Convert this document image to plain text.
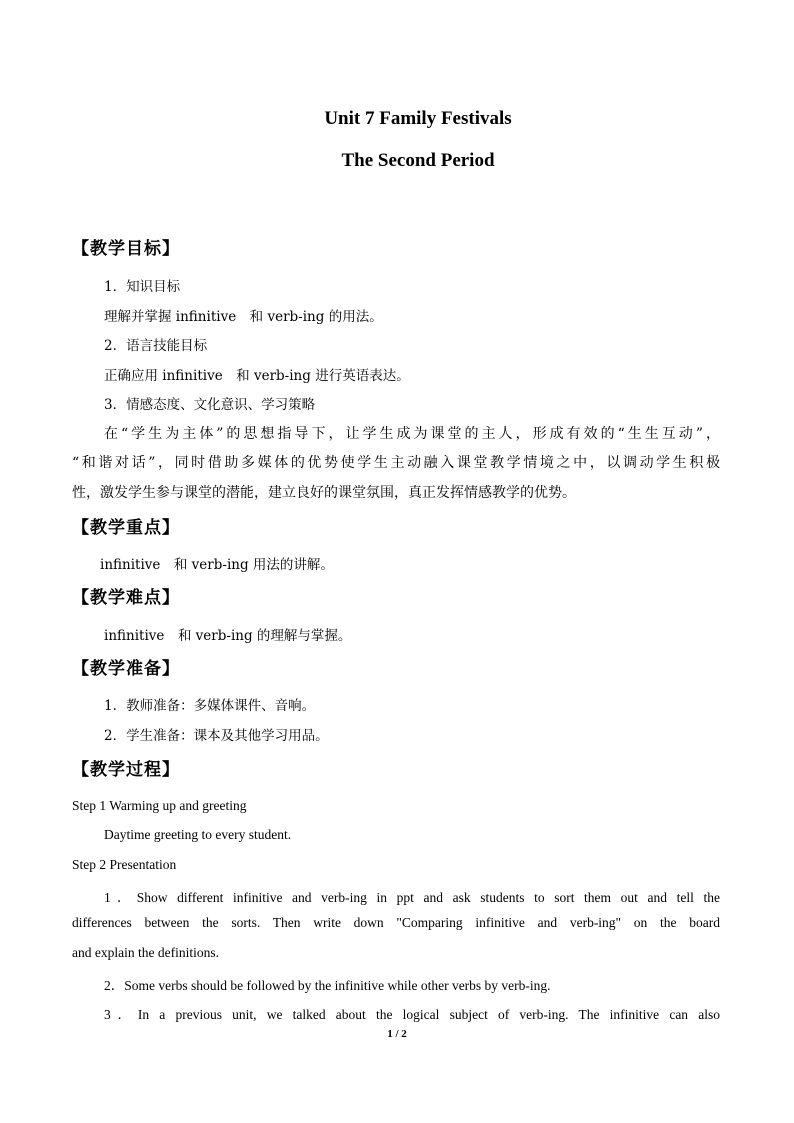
Unit 7 Family Festivals
The Second Period
【教学目标】
1．知识目标
理解并掌握 infinitive　和 verb-ing 的用法。
2．语言技能目标
正确应用 infinitive　和 verb-ing 进行英语表达。
3．情感态度、文化意识、学习策略
在“学生为主体”的思想指导下，让学生成为课堂的主人，形成有效的“生生互动”，
“和谐对话”，同时借助多媒体的优势使学生主动融入课堂教学情境之中，以调动学生积极
性，激发学生参与课堂的潜能，建立良好的课堂氛围，真正发挥情感教学的优势。
【教学重点】
infinitive　和 verb-ing 用法的讲解。
【教学难点】
infinitive　和 verb-ing 的理解与掌握。
【教学准备】
1．教师准备：多媒体课件、音响。
2．学生准备：课本及其他学习用品。
【教学过程】
Step 1 Warming up and greeting
Daytime greeting to every student.
Step 2 Presentation
1．Show different infinitive and verb-ing in ppt and ask students to sort them out and tell the
differences between the sorts. Then write down "Comparing infinitive and verb-ing" on the board
and explain the definitions.
2．Some verbs should be followed by the infinitive while other verbs by verb-ing.
3．In a previous unit, we talked about the logical subject of verb-ing. The infinitive can also
1 / 2
